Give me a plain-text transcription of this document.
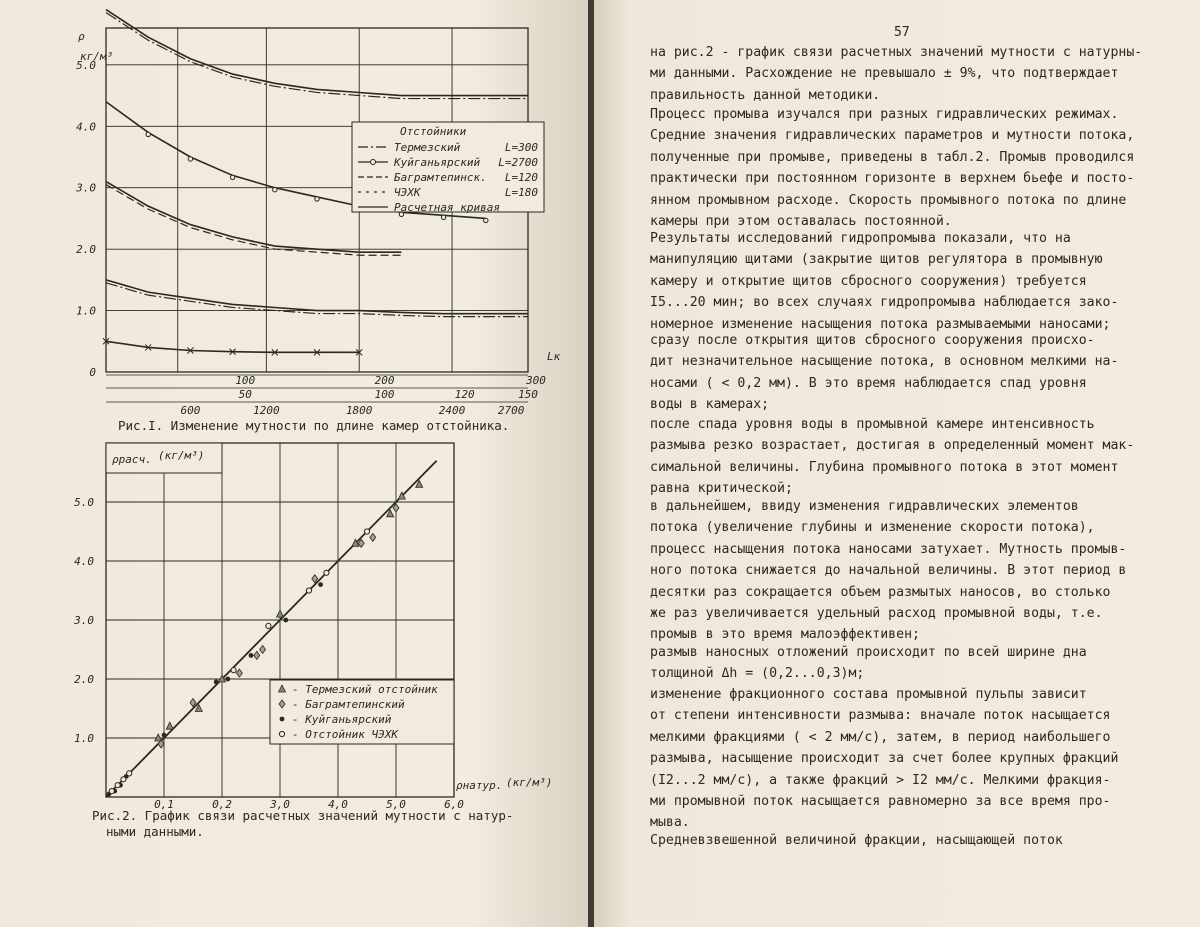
5.0
4.0
3.0
2.0
1.0
0
ρ
кг/м³
Lк
100	200	300
50	100	120	150
600	1200	1800	2400	2700
Отстойники
Термезский	L=300
Куйганьярский L=2700
Баграмтепинск. L=120
ЧЭХК	L=180
Расчетная кривая
Рис.I. Изменение мутности по длине камер отстойника.
5.0
4.0
3.0
2.0
1.0
0,1	0,2	3,0	4,0	5,0	6,0
ρрасч. (кг/м³)
ρнатур. (кг/м³)
- Термезский отстойник
- Баграмтепинский
- Куйганьярский
- Отстойник ЧЭХК
Рис.2. График связи расчетных значений мутности с натур-
ными данными.
57
на рис.2 - график связи расчетных значений мутности с натурны-
ми данными. Расхождение не превышало ± 9%, что подтверждает
правильность данной методики.
Процесс промыва изучался при разных гидравлических режимах.
Средние значения гидравлических параметров и мутности потока,
полученные при промыве, приведены в табл.2. Промыв проводился
практически при постоянном горизонте в верхнем бьефе и посто-
янном промывном расходе. Скорость промывного потока по длине
камеры при этом оставалась постоянной.
Результаты исследований гидропромыва показали, что на
манипуляцию щитами (закрытие щитов регулятора в промывную
камеру и открытие щитов сбросного сооружения) требуется
I5...20 мин; во всех случаях гидропромыва наблюдается зако-
номерное изменение насыщения потока размываемыми наносами;
сразу после открытия щитов сбросного сооружения происхо-
дит незначительное насыщение потока, в основном мелкими на-
носами ( < 0,2 мм). В это время наблюдается спад уровня
воды в камерах;
после спада уровня воды в промывной камере интенсивность
размыва резко возрастает, достигая в определенный момент мак-
симальной величины. Глубина промывного потока в этот момент
равна критической;
в дальнейшем, ввиду изменения гидравлических элементов
потока (увеличение глубины и изменение скорости потока),
процесс насыщения потока наносами затухает. Мутность промыв-
ного потока снижается до начальной величины. В этот период в
десятки раз сокращается объем размытых наносов, во столько
же раз увеличивается удельный расход промывной воды, т.е.
промыв в это время малоэффективен;
размыв наносных отложений происходит по всей ширине дна
толщиной Δh = (0,2...0,3)м;
изменение фракционного состава промывной пульпы зависит
от степени интенсивности размыва: вначале поток насыщается
мелкими фракциями ( < 2 мм/с), затем, в период наибольшего
размыва, насыщение происходит за счет более крупных фракций
(I2...2 мм/с), а также фракций > I2 мм/с. Мелкими фракция-
ми промывной поток насыщается равномерно за все время про-
мыва.
Средневзвешенной величиной фракции, насыщающей поток
